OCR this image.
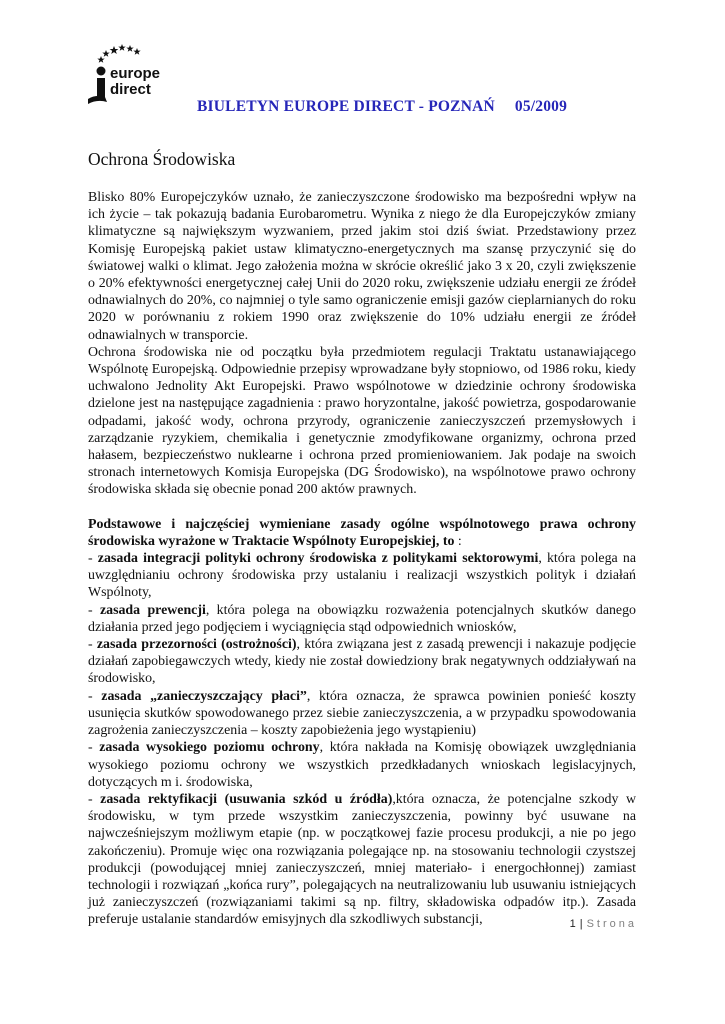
europe
direct
BIULETYN EUROPE DIRECT - POZNAŃ 05/2009
Ochrona Środowiska

Blisko 80% Europejczyków uznało, że zanieczyszczone środowisko ma bezpośredni wpływ na ich życie – tak pokazują badania Eurobarometru. Wynika z niego że dla Europejczyków zmiany klimatyczne są największym wyzwaniem, przed jakim stoi dziś świat. Przedstawiony przez Komisję Europejską pakiet ustaw klimatyczno-energetycznych ma szansę przyczynić się do światowej walki o klimat. Jego założenia można w skrócie określić jako 3 x 20, czyli zwiększenie o 20% efektywności energetycznej całej Unii do 2020 roku, zwiększenie udziału energii ze źródeł odnawialnych do 20%, co najmniej o tyle samo ograniczenie emisji gazów cieplarnianych do roku 2020 w porównaniu z rokiem 1990 oraz zwiększenie do 10% udziału energii ze źródeł odnawialnych w transporcie.

Ochrona środowiska nie od początku była przedmiotem regulacji Traktatu ustanawiającego Wspólnotę Europejską. Odpowiednie przepisy wprowadzane były stopniowo, od 1986 roku, kiedy uchwalono Jednolity Akt Europejski. Prawo wspólnotowe w dziedzinie ochrony środowiska dzielone jest na następujące zagadnienia : prawo horyzontalne, jakość powietrza, gospodarowanie odpadami, jakość wody, ochrona przyrody, ograniczenie zanieczyszczeń przemysłowych i zarządzanie ryzykiem, chemikalia i genetycznie zmodyfikowane organizmy, ochrona przed hałasem, bezpieczeństwo nuklearne i ochrona przed promieniowaniem. Jak podaje na swoich stronach internetowych Komisja Europejska (DG Środowisko), na wspólnotowe prawo ochrony środowiska składa się obecnie ponad 200 aktów prawnych.

Podstawowe i najczęściej wymieniane zasady ogólne wspólnotowego prawa ochrony środowiska wyrażone w Traktacie Wspólnoty Europejskiej, to :

- zasada integracji polityki ochrony środowiska z politykami sektorowymi, która polega na uwzględnianiu ochrony środowiska przy ustalaniu i realizacji wszystkich polityk i działań Wspólnoty,

- zasada prewencji, która polega na obowiązku rozważenia potencjalnych skutków danego działania przed jego podjęciem i wyciągnięcia stąd odpowiednich wniosków,

- zasada przezorności (ostrożności), która związana jest z zasadą prewencji i nakazuje podjęcie działań zapobiegawczych wtedy, kiedy nie został dowiedziony brak negatywnych oddziaływań na środowisko,

- zasada „zanieczyszczający płaci”, która oznacza, że sprawca powinien ponieść koszty usunięcia skutków spowodowanego przez siebie zanieczyszczenia, a w przypadku spowodowania zagrożenia zanieczyszczenia – koszty zapobieżenia jego wystąpieniu)

- zasada wysokiego poziomu ochrony, która nakłada na Komisję obowiązek uwzględniania wysokiego poziomu ochrony we wszystkich przedkładanych wnioskach legislacyjnych, dotyczących m i. środowiska,

- zasada rektyfikacji (usuwania szkód u źródła),która oznacza, że potencjalne szkody w środowisku, w tym przede wszystkim zanieczyszczenia, powinny być usuwane na najwcześniejszym możliwym etapie (np. w początkowej fazie procesu produkcji, a nie po jego zakończeniu). Promuje więc ona rozwiązania polegające np. na stosowaniu technologii czystszej produkcji (powodującej mniej zanieczyszczeń, mniej materiało- i energochłonnej) zamiast technologii i rozwiązań „końca rury”, polegających na neutralizowaniu lub usuwaniu istniejących już zanieczyszczeń (rozwiązaniami takimi są np. filtry, składowiska odpadów itp.). Zasada preferuje ustalanie standardów emisyjnych dla szkodliwych substancji,	1 | Strona
